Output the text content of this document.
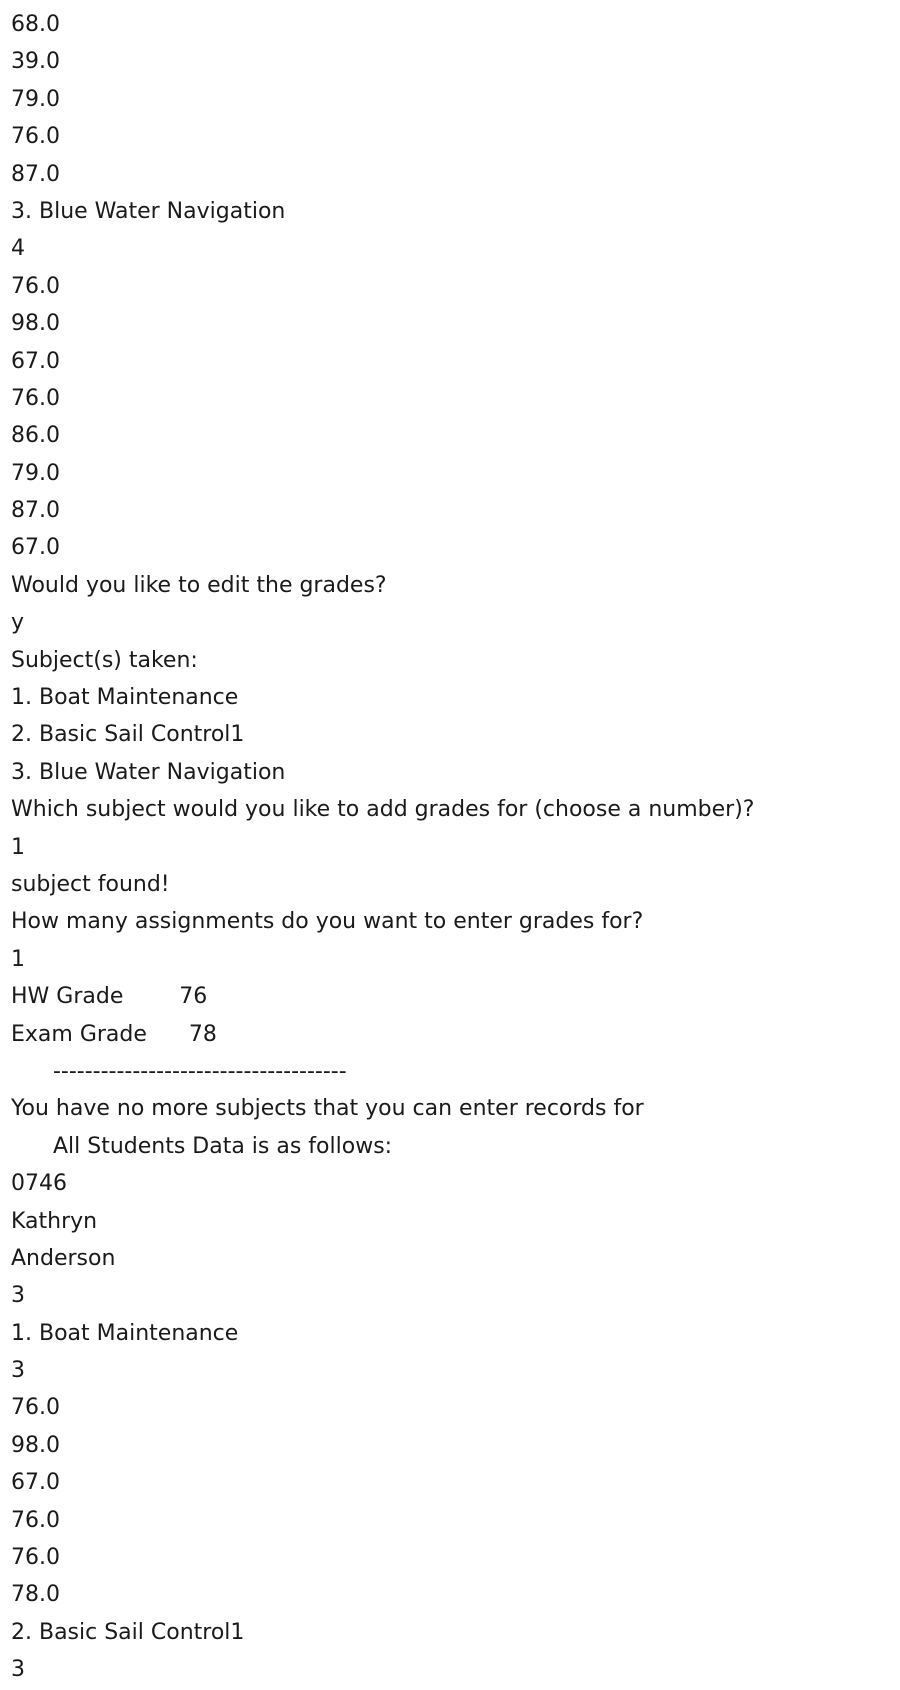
68.0
39.0
79.0
76.0
87.0
3. Blue Water Navigation
4
76.0
98.0
67.0
76.0
86.0
79.0
87.0
67.0
Would you like to edit the grades?
y
Subject(s) taken:
1. Boat Maintenance
2. Basic Sail Control1
3. Blue Water Navigation
Which subject would you like to add grades for (choose a number)?
1
subject found!
How many assignments do you want to enter grades for?
1
HW Grade        76
Exam Grade      78
-------------------------------------
You have no more subjects that you can enter records for
All Students Data is as follows:
0746
Kathryn
Anderson
3
1. Boat Maintenance
3
76.0
98.0
67.0
76.0
76.0
78.0
2. Basic Sail Control1
3
